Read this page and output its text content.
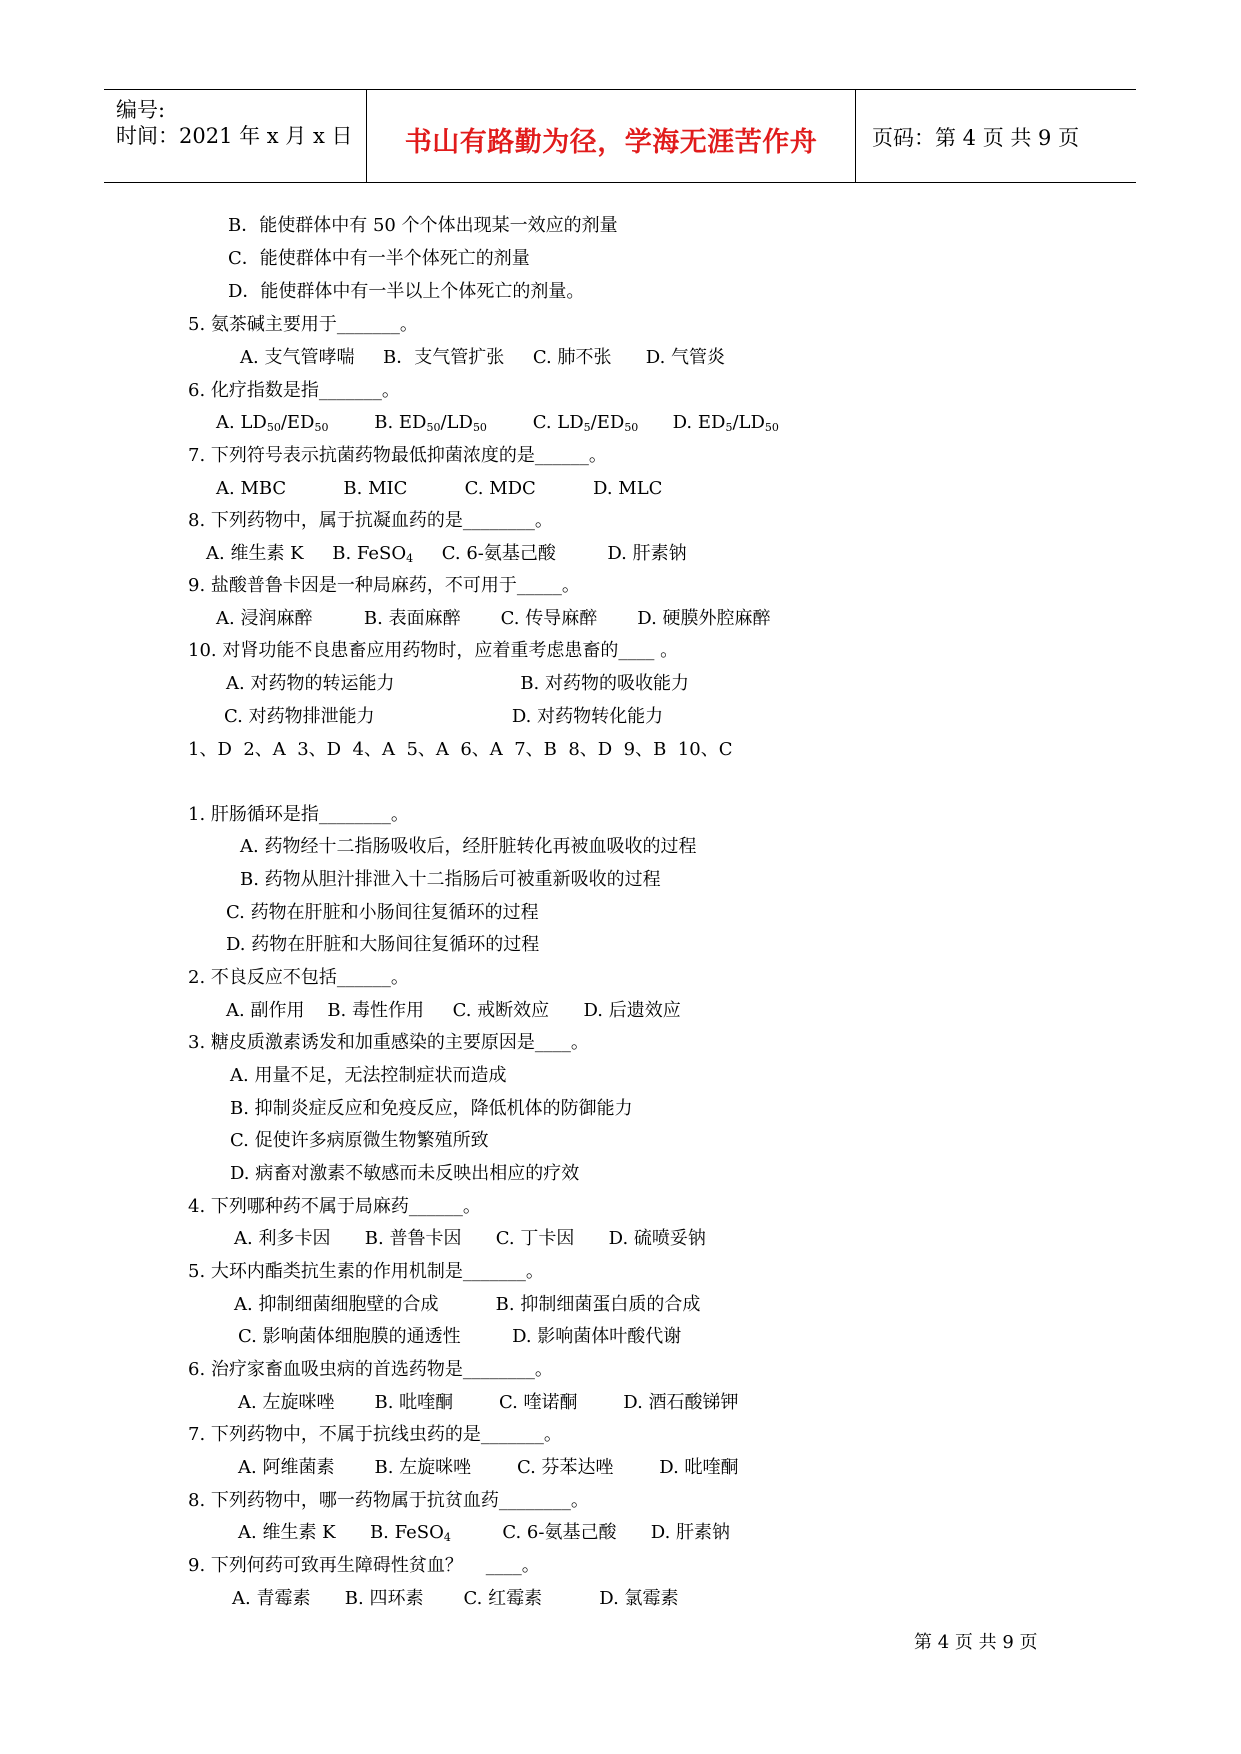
编号:
时间：2021 年 x 月 x 日	书山有路勤为径，学海无涯苦作舟	页码：第 4 页 共 9 页
B．能使群体中有 50 个个体出现某一效应的剂量
C．能使群体中有一半个体死亡的剂量
D．能使群体中有一半以上个体死亡的剂量。
5. 氨茶碱主要用于_______。
A. 支气管哮喘     B．支气管扩张     C. 肺不张      D. 气管炎
6. 化疗指数是指_______。
A. $LD_{50}/ED_{50}$        B. $ED_{50}/LD_{50}$        C. $LD_5/ED_{50}$      D. $ED_5/LD_{50}$
7. 下列符号表示抗菌药物最低抑菌浓度的是______。
A. MBC          B. MIC          C. MDC          D. MLC
8. 下列药物中，属于抗凝血药的是________。
A. 维生素 K     B. FeSO$_4$     C. 6-氨基己酸         D. 肝素钠
9. 盐酸普鲁卡因是一种局麻药，不可用于_____。
A. 浸润麻醉         B. 表面麻醉       C. 传导麻醉       D. 硬膜外腔麻醉
10. 对肾功能不良患畜应用药物时，应着重考虑患畜的____ 。
A. 对药物的转运能力                      B. 对药物的吸收能力
C. 对药物排泄能力                        D. 对药物转化能力
1、D  2、A  3、D  4、A  5、A  6、A  7、B  8、D  9、B  10、C
1. 肝肠循环是指________。
A. 药物经十二指肠吸收后，经肝脏转化再被血吸收的过程
B. 药物从胆汁排泄入十二指肠后可被重新吸收的过程
C. 药物在肝脏和小肠间往复循环的过程
D. 药物在肝脏和大肠间往复循环的过程
2. 不良反应不包括______。
A. 副作用    B. 毒性作用     C. 戒断效应      D. 后遗效应
3. 糖皮质激素诱发和加重感染的主要原因是____。
A. 用量不足，无法控制症状而造成
B. 抑制炎症反应和免疫反应，降低机体的防御能力
C. 促使许多病原微生物繁殖所致
D. 病畜对激素不敏感而未反映出相应的疗效
4. 下列哪种药不属于局麻药______。
A. 利多卡因      B. 普鲁卡因      C. 丁卡因      D. 硫喷妥钠
5. 大环内酯类抗生素的作用机制是_______。
A. 抑制细菌细胞壁的合成          B. 抑制细菌蛋白质的合成
C. 影响菌体细胞膜的通透性         D. 影响菌体叶酸代谢
6. 治疗家畜血吸虫病的首选药物是________。
A. 左旋咪唑       B. 吡喹酮        C. 喹诺酮        D. 酒石酸锑钾
7. 下列药物中，不属于抗线虫药的是_______。
A. 阿维菌素       B. 左旋咪唑        C. 芬苯达唑        D. 吡喹酮
8. 下列药物中，哪一药物属于抗贫血药________。
A. 维生素 K      B. FeSO$_4$         C. 6-氨基己酸      D. 肝素钠
9. 下列何药可致再生障碍性贫血？    ____。
A. 青霉素      B. 四环素       C. 红霉素          D. 氯霉素
第 4 页 共 9 页
